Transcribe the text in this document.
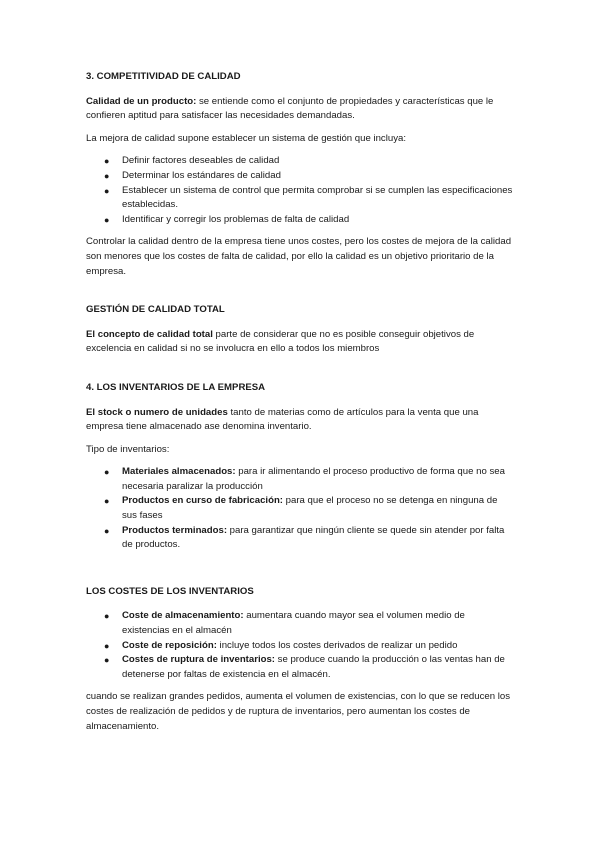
3. COMPETITIVIDAD DE CALIDAD

Calidad de un producto: se entiende como el conjunto de propiedades y características que le confieren aptitud para satisfacer las necesidades demandadas.

La mejora de calidad supone establecer un sistema de gestión que incluya:

● Definir factores deseables de calidad
● Determinar los estándares de calidad
● Establecer un sistema de control que permita comprobar si se cumplen las especificaciones establecidas.
● Identificar y corregir los problemas de falta de calidad

Controlar la calidad dentro de la empresa tiene unos costes, pero los costes de mejora de la calidad son menores que los costes de falta de calidad, por ello la calidad es un objetivo prioritario de la empresa.

GESTIÓN DE CALIDAD TOTAL

El concepto de calidad total parte de considerar que no es posible conseguir objetivos de excelencia en calidad si no se involucra en ello a todos los miembros

4. LOS INVENTARIOS DE LA EMPRESA

El stock o numero de unidades tanto de materias como de artículos para la venta que una empresa tiene almacenado ase denomina inventario.

Tipo de inventarios:

● Materiales almacenados: para ir alimentando el proceso productivo de forma que no sea necesaria paralizar la producción
● Productos en curso de fabricación: para que el proceso no se detenga en ninguna de sus fases
● Productos terminados: para garantizar que ningún cliente se quede sin atender por falta de productos.

LOS COSTES DE LOS INVENTARIOS

● Coste de almacenamiento: aumentara cuando mayor sea el volumen medio de existencias en el almacén
● Coste de reposición: incluye todos los costes derivados de realizar un pedido
● Costes de ruptura de inventarios: se produce cuando la producción o las ventas han de detenerse por faltas de existencia en el almacén.

cuando se realizan grandes pedidos, aumenta el volumen de existencias, con lo que se reducen los costes de realización de pedidos y de ruptura de inventarios, pero aumentan los costes de almacenamiento.
